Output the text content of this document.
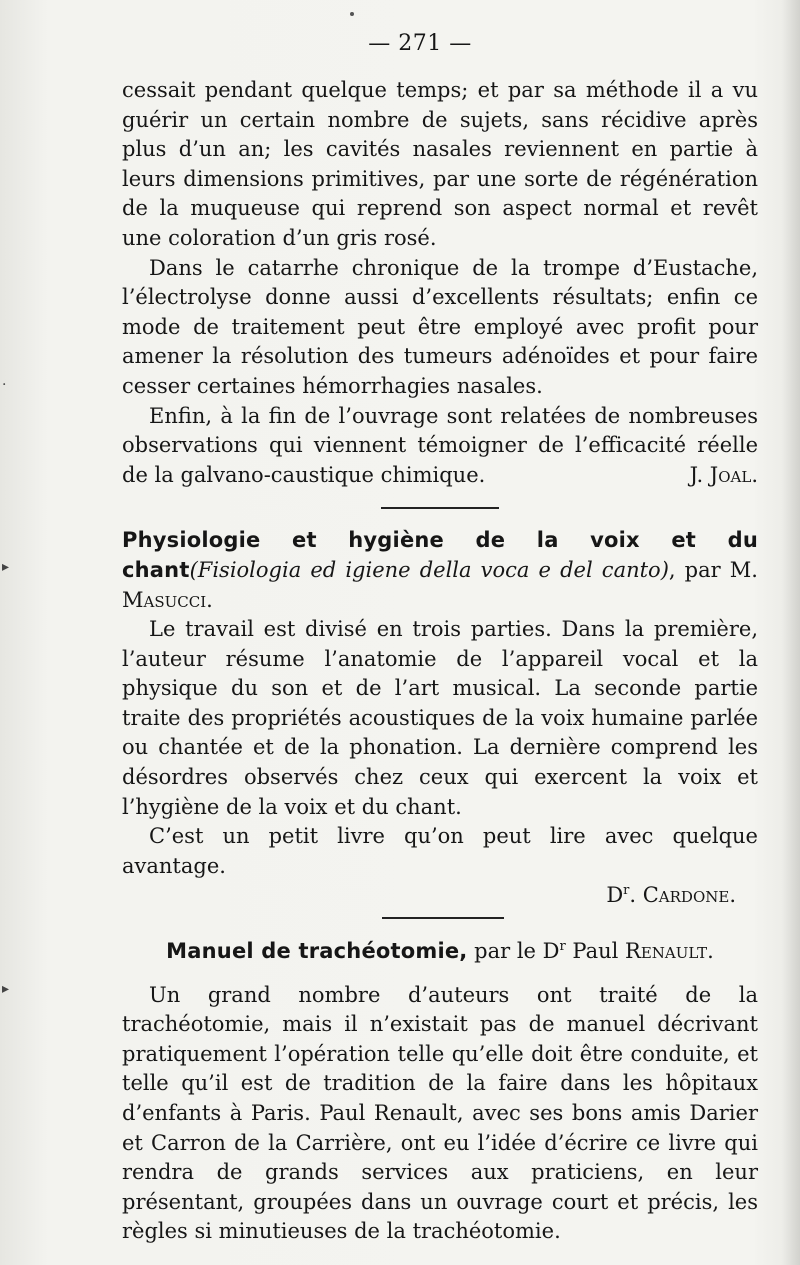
·
▸
▸
— 271 —

cessait pendant quelque temps; et par sa méthode il a vu guérir un certain nombre de sujets, sans récidive après plus d’un an; les cavités nasales reviennent en partie à leurs dimensions primitives, par une sorte de régénération de la muqueuse qui reprend son aspect normal et revêt une coloration d’un gris rosé.

Dans le catarrhe chronique de la trompe d’Eustache, l’électrolyse donne aussi d’excellents résultats; enfin ce mode de traitement peut être employé avec profit pour amener la résolution des tumeurs adénoïdes et pour faire cesser certaines hémorrhagies nasales.

Enfin, à la fin de l’ouvrage sont relatées de nombreuses observations qui viennent témoigner de l’efficacité réelle de la galvano-caustique chimique.	J. Joal.

Physiologie et hygiène de la voix et du chant(Fisiologia ed igiene della voca e del canto), par M. Masucci.

Le travail est divisé en trois parties. Dans la première, l’auteur résume l’anatomie de l’appareil vocal et la physique du son et de l’art musical. La seconde partie traite des propriétés acoustiques de la voix humaine parlée ou chantée et de la phonation. La dernière comprend les désordres observés chez ceux qui exercent la voix et l’hygiène de la voix et du chant.

C’est un petit livre qu’on peut lire avec quelque avantage.

$D^r$. Cardone.

Manuel de trachéotomie, par le $D^r$ Paul Renault.

Un grand nombre d’auteurs ont traité de la trachéotomie, mais il n’existait pas de manuel décrivant pratiquement l’opération telle qu’elle doit être conduite, et telle qu’il est de tradition de la faire dans les hôpitaux d’enfants à Paris. Paul Renault, avec ses bons amis Darier et Carron de la Carrière, ont eu l’idée d’écrire ce livre qui rendra de grands services aux praticiens, en leur présentant, groupées dans un ouvrage court et précis, les règles si minutieuses de la trachéotomie.
